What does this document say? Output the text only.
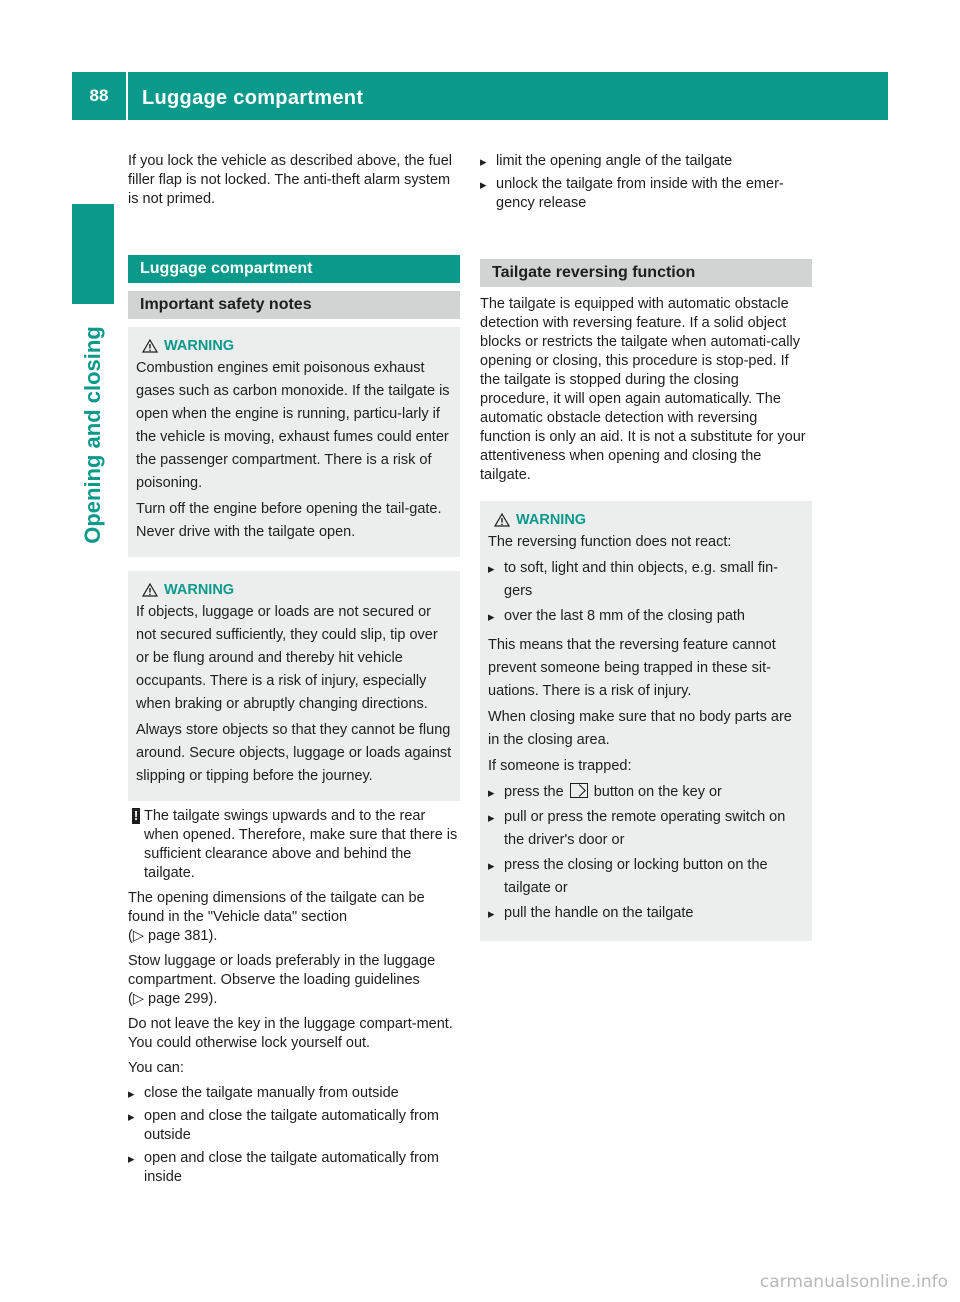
88	Luggage compartment
Opening and closing

If you lock the vehicle as described above, the fuel filler flap is not locked. The anti-theft alarm system is not primed.

Luggage compartment
Important safety notes
WARNING

Combustion engines emit poisonous exhaust gases such as carbon monoxide. If the tailgate is open when the engine is running, particu-larly if the vehicle is moving, exhaust fumes could enter the passenger compartment. There is a risk of poisoning.

Turn off the engine before opening the tail-gate. Never drive with the tailgate open.

WARNING

If objects, luggage or loads are not secured or not secured sufficiently, they could slip, tip over or be flung around and thereby hit vehicle occupants. There is a risk of injury, especially when braking or abruptly changing directions.

Always store objects so that they cannot be flung around. Secure objects, luggage or loads against slipping or tipping before the journey.

! The tailgate swings upwards and to the rear when opened. Therefore, make sure that there is sufficient clearance above and behind the tailgate.

The opening dimensions of the tailgate can be found in the "Vehicle data" section

(▷ page 381).

Stow luggage or loads preferably in the luggage compartment. Observe the loading guidelines

(▷ page 299).

Do not leave the key in the luggage compart-ment. You could otherwise lock yourself out.

You can:

▸ close the tailgate manually from outside
▸ open and close the tailgate automatically from outside
▸ open and close the tailgate automatically from inside
▸ limit the opening angle of the tailgate
▸ unlock the tailgate from inside with the emer-gency release
Tailgate reversing function

The tailgate is equipped with automatic obstacle detection with reversing feature. If a solid object blocks or restricts the tailgate when automati-cally opening or closing, this procedure is stop-ped. If the tailgate is stopped during the closing procedure, it will open again automatically. The automatic obstacle detection with reversing function is only an aid. It is not a substitute for your attentiveness when opening and closing the tailgate.

WARNING

The reversing function does not react:

▸ to soft, light and thin objects, e.g. small fin-gers
▸ over the last 8 mm of the closing path

This means that the reversing feature cannot prevent someone being trapped in these sit-uations. There is a risk of injury.

When closing make sure that no body parts are in the closing area.

If someone is trapped:

▸ press the button on the key or
▸ pull or press the remote operating switch on the driver's door or
▸ press the closing or locking button on the tailgate or
▸ pull the handle on the tailgate
carmanualsonline.info
